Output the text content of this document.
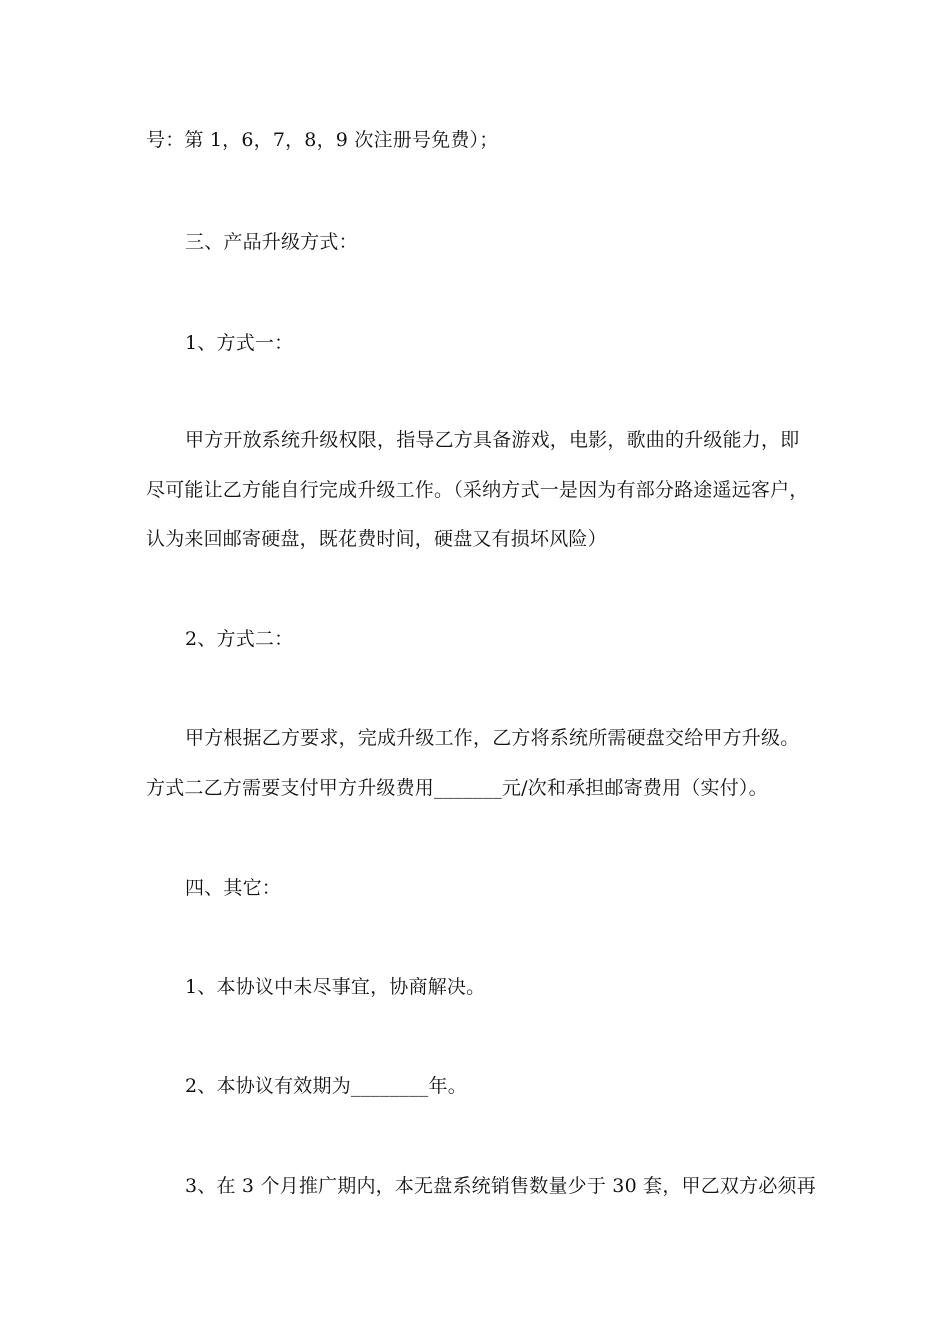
号：第 1，6，7，8，9 次注册号免费）；

三、产品升级方式：

1、方式一：

甲方开放系统升级权限，指导乙方具备游戏，电影，歌曲的升级能力，即

尽可能让乙方能自行完成升级工作。（采纳方式一是因为有部分路途遥远客户，

认为来回邮寄硬盘，既花费时间，硬盘又有损坏风险）

2、方式二：

甲方根据乙方要求，完成升级工作，乙方将系统所需硬盘交给甲方升级。

方式二乙方需要支付甲方升级费用_______元/次和承担邮寄费用（实付）。

四、其它：

1、本协议中未尽事宜，协商解决。

2、本协议有效期为________年。

3、在 3 个月推广期内，本无盘系统销售数量少于 30 套，甲乙双方必须再
